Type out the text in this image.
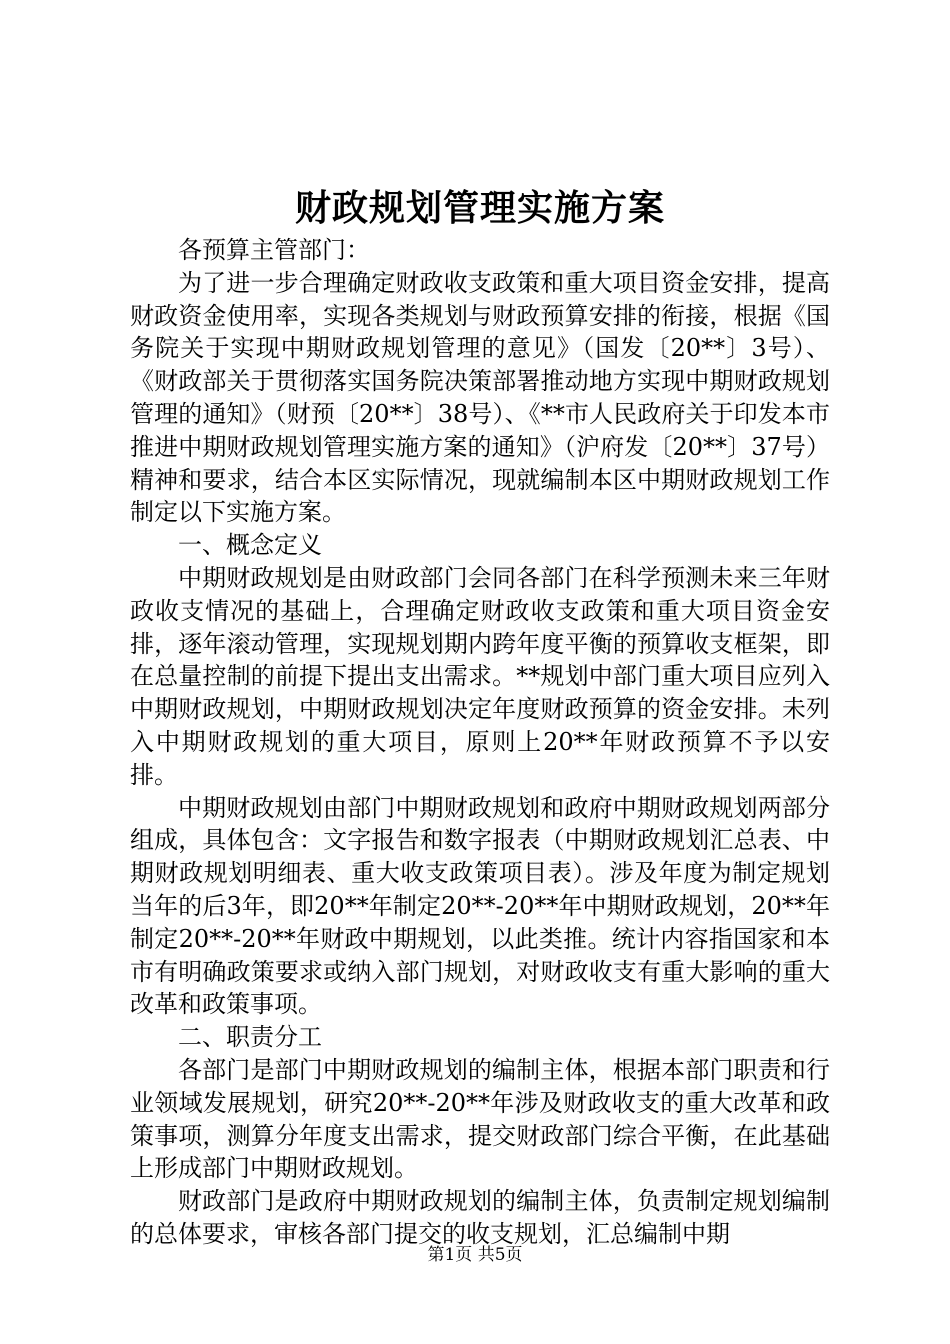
财政规划管理实施方案

各预算主管部门：

为了进一步合理确定财政收支政策和重大项目资金安排，提高财政资金使用率，实现各类规划与财政预算安排的衔接，根据《国务院关于实现中期财政规划管理的意见》（国发〔20**〕3号）、《财政部关于贯彻落实国务院决策部署推动地方实现中期财政规划管理的通知》（财预〔20**〕38号）、《**市人民政府关于印发本市推进中期财政规划管理实施方案的通知》（沪府发〔20**〕37号）精神和要求，结合本区实际情况，现就编制本区中期财政规划工作制定以下实施方案。

一、概念定义

中期财政规划是由财政部门会同各部门在科学预测未来三年财政收支情况的基础上，合理确定财政收支政策和重大项目资金安排，逐年滚动管理，实现规划期内跨年度平衡的预算收支框架，即在总量控制的前提下提出支出需求。**规划中部门重大项目应列入中期财政规划，中期财政规划决定年度财政预算的资金安排。未列入中期财政规划的重大项目，原则上20**年财政预算不予以安排。

中期财政规划由部门中期财政规划和政府中期财政规划两部分组成，具体包含：文字报告和数字报表（中期财政规划汇总表、中期财政规划明细表、重大收支政策项目表）。涉及年度为制定规划当年的后3年，即20**年制定20**-20**年中期财政规划，20**年制定20**-20**年财政中期规划，以此类推。统计内容指国家和本市有明确政策要求或纳入部门规划，对财政收支有重大影响的重大改革和政策事项。

二、职责分工

各部门是部门中期财政规划的编制主体，根据本部门职责和行业领域发展规划，研究20**-20**年涉及财政收支的重大改革和政策事项，测算分年度支出需求，提交财政部门综合平衡，在此基础上形成部门中期财政规划。

财政部门是政府中期财政规划的编制主体，负责制定规划编制的总体要求，审核各部门提交的收支规划，汇总编制中期

第1页 共5页
